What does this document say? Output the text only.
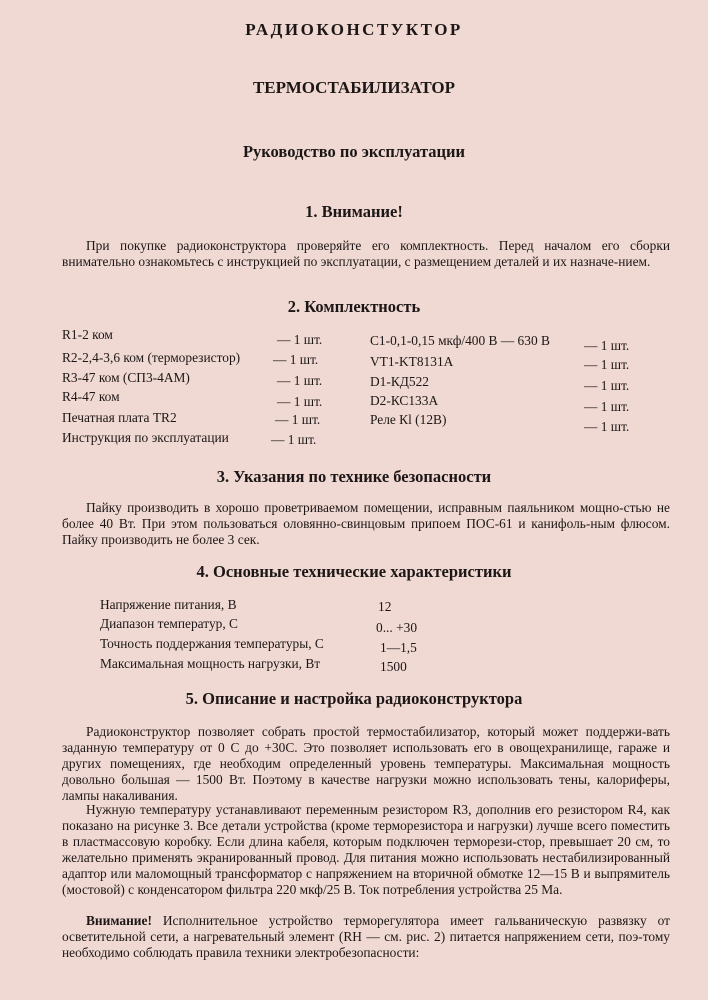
РАДИОКОНСТУКТОР
ТЕРМОСТАБИЛИЗАТОР
Руководство по эксплуатации
1. Внимание!
При покупке радиоконструктора проверяйте его комплектность. Перед началом его сборки внимательно ознакомьтесь с инструкцией по эксплуатации, с размещением деталей и их назначе-нием.
2. Комплектность
R1-2 ком	— 1 шт.
R2-2,4-3,6 ком (терморезистор) — 1 шт.
R3-47 ком (СП3-4АМ)	— 1 шт.
R4-47 ком	— 1 шт.
Печатная плата TR2	— 1 шт.
Инструкция по эксплуатации	— 1 шт.
C1-0,1-0,15 мкф/400 В — 630 В	— 1 шт.
VT1-KT8131A	— 1 шт.
D1-КД522	— 1 шт.
D2-КС133А	— 1 шт.
Реле Кl (12В)	— 1 шт.
3. Указания по технике безопасности
Пайку производить в хорошо проветриваемом помещении, исправным паяльником мощно-стью не более 40 Вт. При этом пользоваться оловянно-свинцовым припоем ПОС-61 и канифоль-ным флюсом. Пайку производить не более 3 сек.
4. Основные технические характеристики
Напряжение питания, В	12
Диапазон температур, С	0... +30
Точность поддержания температуры, С	1—1,5
Максимальная мощность нагрузки, Вт	1500
5. Описание и настройка радиоконструктора
Радиоконструктор позволяет собрать простой термостабилизатор, который может поддержи-вать заданную температуру от 0 С до +30С. Это позволяет использовать его в овощехранилище, гараже и других помещениях, где необходим определенный уровень температуры. Максимальная мощность довольно большая — 1500 Вт. Поэтому в качестве нагрузки можно использовать тены, калориферы, лампы накаливания.
Нужную температуру устанавливают переменным резистором R3, дополнив его резистором R4, как показано на рисунке 3. Все детали устройства (кроме терморезистора и нагрузки) лучше всего поместить в пластмассовую коробку. Если длина кабеля, которым подключен терморези-стор, превышает 20 см, то желательно применять экранированный провод. Для питания можно использовать нестабилизированный адаптор или маломощный трансформатор с напряжением на вторичной обмотке 12—15 В и выпрямитель (мостовой) с конденсатором фильтра 220 мкф/25 В. Ток потребления устройства 25 Ма.
Внимание! Исполнительное устройство терморегулятора имеет гальваническую развязку от осветительной сети, а нагревательный элемент (RH — см. рис. 2) питается напряжением сети, поэ-тому необходимо соблюдать правила техники электробезопасности:
